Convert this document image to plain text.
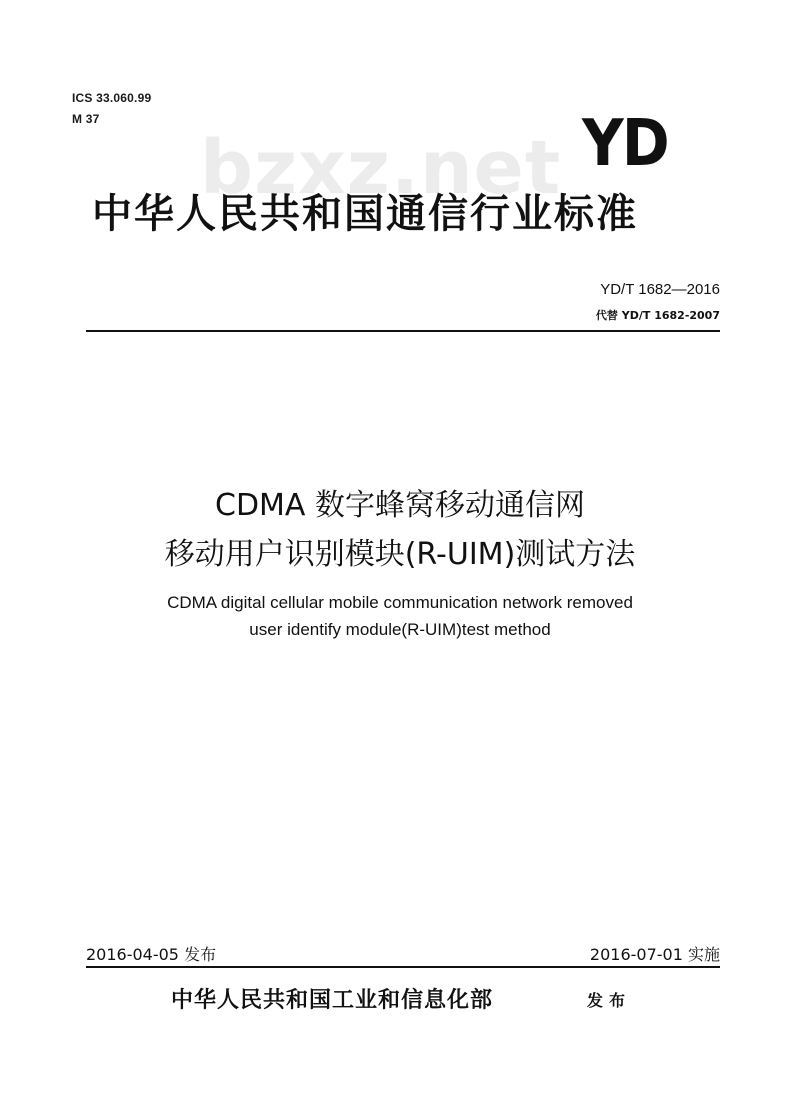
ICS 33.060.99
M 37
bzxz.net YD
中华人民共和国通信行业标准
YD/T 1682—2016
代替 YD/T 1682-2007
CDMA 数字蜂窝移动通信网
移动用户识别模块(R-UIM)测试方法
CDMA digital cellular mobile communication network removed
user identify module(R-UIM)test method
2016-04-05 发布	2016-07-01 实施
中华人民共和国工业和信息化部	发布
